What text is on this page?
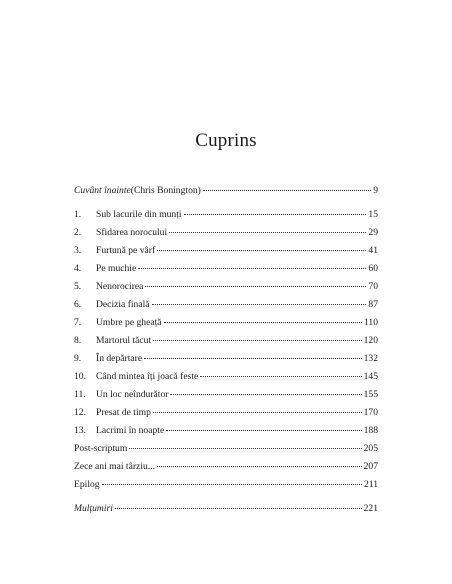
Cuprins
Cuvânt înainte (Chris Bonington)	9
1.	Sub lacurile din munți	15
2.	Sfidarea norocului	29
3.	Furtună pe vârf	41
4.	Pe muchie	60
5.	Nenorocirea	70
6.	Decizia finală	87
7.	Umbre pe gheață	110
8.	Martorul tăcut	120
9.	În depărtare	132
10.	Când mintea îți joacă feste	145
11.	Un loc neîndurător	155
12.	Presat de timp	170
13.	Lacrimi în noapte	188
Post-scriptum	205
Zece ani mai târziu...	207
Epilog	211
Mulțumiri	221
